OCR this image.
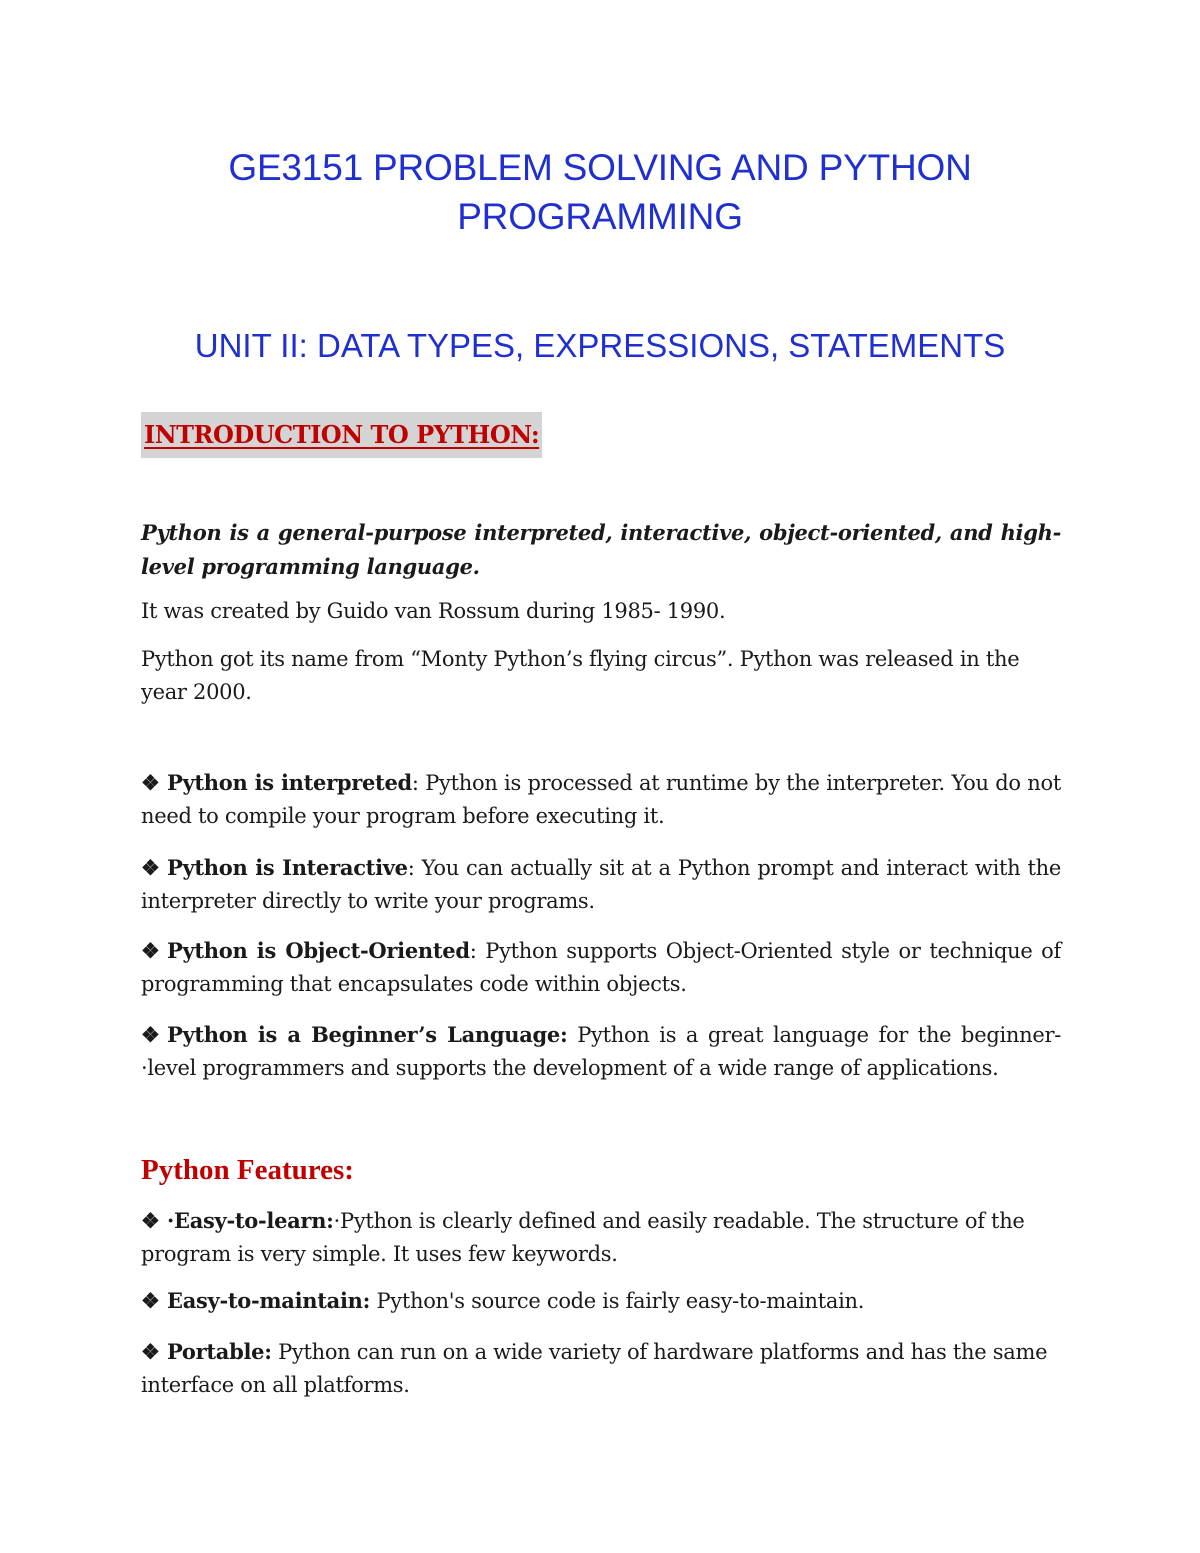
GE3151 PROBLEM SOLVING AND PYTHON
PROGRAMMING
UNIT II: DATA TYPES, EXPRESSIONS, STATEMENTS
INTRODUCTION TO PYTHON:
Python is a general-purpose interpreted, interactive, object-oriented, and high-level programming language.
It was created by Guido van Rossum during 1985- 1990.
Python got its name from “Monty Python’s flying circus”. Python was released in the year 2000.
❖ Python is interpreted: Python is processed at runtime by the interpreter. You do not need to compile your program before executing it.
❖ Python is Interactive: You can actually sit at a Python prompt and interact with the interpreter directly to write your programs.
❖ Python is Object-Oriented: Python supports Object-Oriented style or technique of programming that encapsulates code within objects.
❖ Python is a Beginner’s Language: Python is a great language for the beginner-·level programmers and supports the development of a wide range of applications.
Python Features:
❖ ·Easy-to-learn:·Python is clearly defined and easily readable. The structure of the program is very simple. It uses few keywords.
❖ Easy-to-maintain: Python's source code is fairly easy-to-maintain.
❖ Portable: Python can run on a wide variety of hardware platforms and has the same interface on all platforms.
